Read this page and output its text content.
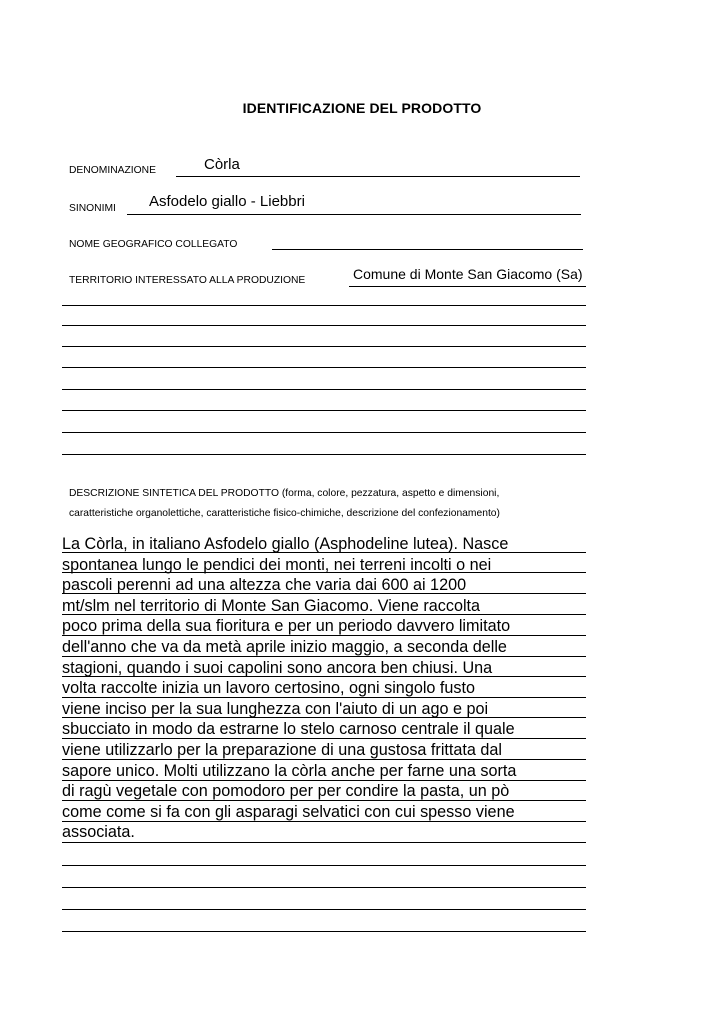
IDENTIFICAZIONE DEL PRODOTTO
DENOMINAZIONE	Còrla
SINONIMI Asfodelo giallo - Liebbri
NOME GEOGRAFICO COLLEGATO
TERRITORIO INTERESSATO ALLA PRODUZIONE	Comune di Monte San Giacomo (Sa)
DESCRIZIONE SINTETICA DEL PRODOTTO (forma, colore, pezzatura, aspetto e dimensioni,
caratteristiche organolettiche, caratteristiche fisico-chimiche, descrizione del confezionamento)
La Còrla, in italiano Asfodelo giallo (Asphodeline lutea). Nasce
spontanea lungo le pendici dei monti, nei terreni incolti o nei
pascoli perenni ad una altezza che varia dai 600 ai 1200
mt/slm nel territorio di Monte San Giacomo. Viene raccolta
poco prima della sua fioritura e per un periodo davvero limitato
dell'anno che va da metà aprile inizio maggio, a seconda delle
stagioni, quando i suoi capolini sono ancora ben chiusi. Una
volta raccolte inizia un lavoro certosino, ogni singolo fusto
viene inciso per la sua lunghezza con l'aiuto di un ago e poi
sbucciato in modo da estrarne lo stelo carnoso centrale il quale
viene utilizzarlo per la preparazione di una gustosa frittata dal
sapore unico. Molti utilizzano la còrla anche per farne una sorta
di ragù vegetale con pomodoro per per condire la pasta, un pò
come come si fa con gli asparagi selvatici con cui spesso viene
associata.
